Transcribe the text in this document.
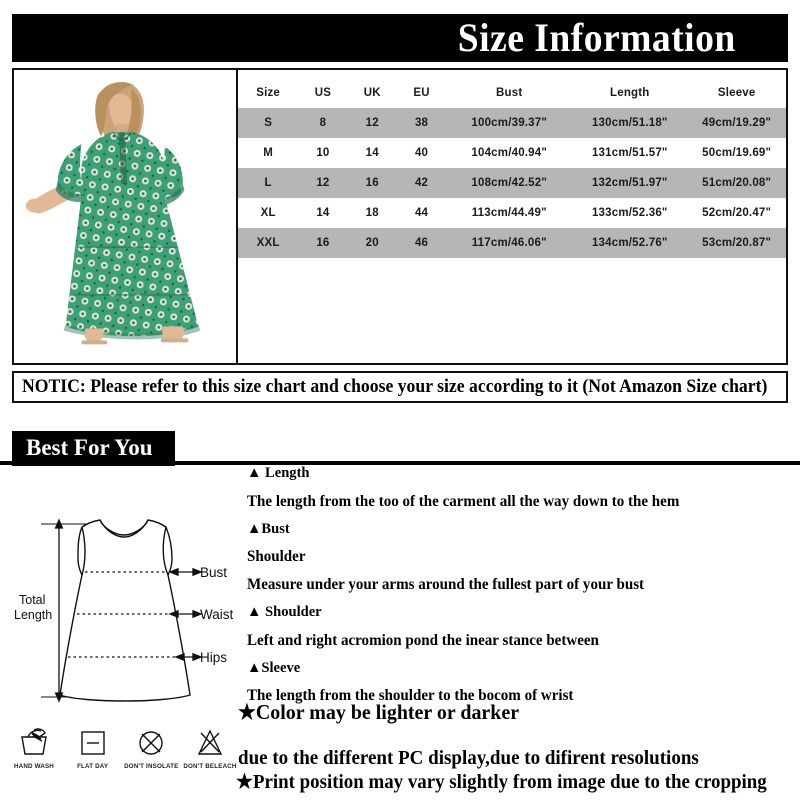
Size Information
Size	US	UK	EU	Bust	Length	Sleeve
S	8	12	38	100cm/39.37"	130cm/51.18"	49cm/19.29"
M	10	14	40	104cm/40.94"	131cm/51.57"	50cm/19.69"
L	12	16	42	108cm/42.52"	132cm/51.97"	51cm/20.08"
XL	14	18	44	113cm/44.49"	133cm/52.36"	52cm/20.47"
XXL	16	20	46	117cm/46.06"	134cm/52.76"	53cm/20.87"
NOTIC: Please refer to this size chart and choose your size according to it (Not Amazon Size chart)
Best For You
Total
Length
Bust
Waist
Hips
▲ Length
The length from the too of the carment all the way down to the hem
▲Bust
Shoulder
Measure under your arms around the fullest part of your bust
▲ Shoulder
Left and right acromion pond the inear stance between
▲Sleeve
The length from the shoulder to the bocom of wrist
★Color may be lighter or darker
due to the different PC display,due to difirent resolutions
★Print position may vary slightly from image due to the cropping
HAND WASH	FLAT DAY	DON'T INSOLATE DON'T BELEACH
